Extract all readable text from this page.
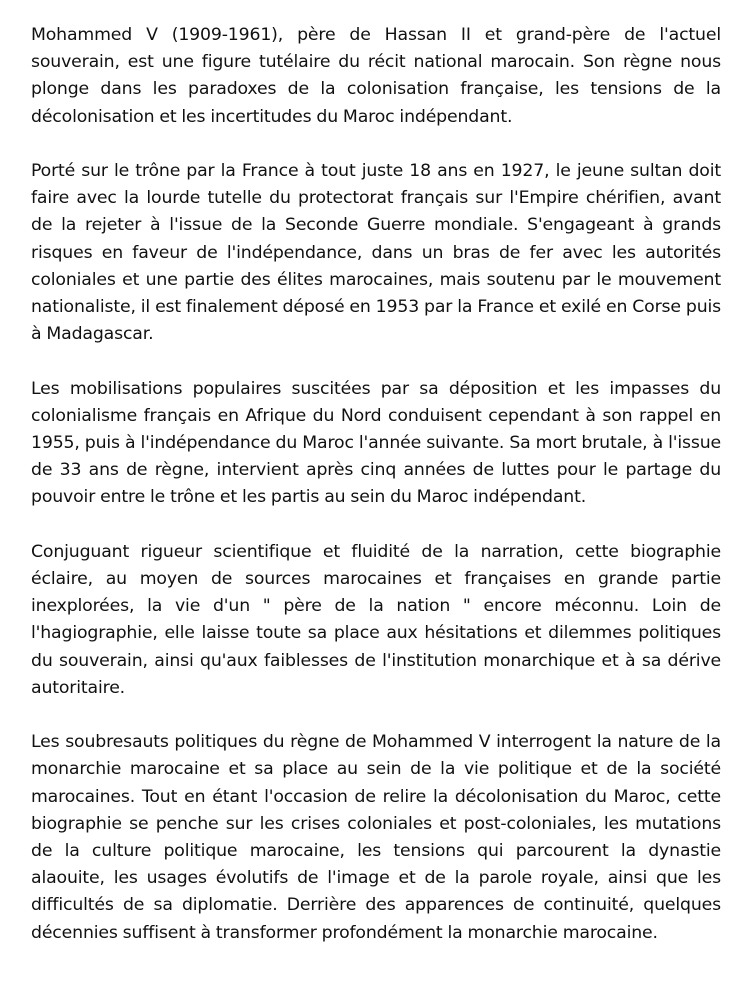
Mohammed V (1909-1961), père de Hassan II et grand-père de l'actuel souverain, est une figure tutélaire du récit national marocain. Son règne nous plonge dans les paradoxes de la colonisation française, les tensions de la décolonisation et les incertitudes du Maroc indépendant.

Porté sur le trône par la France à tout juste 18 ans en 1927, le jeune sultan doit faire avec la lourde tutelle du protectorat français sur l'Empire chérifien, avant de la rejeter à l'issue de la Seconde Guerre mondiale. S'engageant à grands risques en faveur de l'indépendance, dans un bras de fer avec les autorités coloniales et une partie des élites marocaines, mais soutenu par le mouvement nationaliste, il est finalement déposé en 1953 par la France et exilé en Corse puis à Madagascar.

Les mobilisations populaires suscitées par sa déposition et les impasses du colonialisme français en Afrique du Nord conduisent cependant à son rappel en 1955, puis à l'indépendance du Maroc l'année suivante. Sa mort brutale, à l'issue de 33 ans de règne, intervient après cinq années de luttes pour le partage du pouvoir entre le trône et les partis au sein du Maroc indépendant.

Conjuguant rigueur scientifique et fluidité de la narration, cette biographie éclaire, au moyen de sources marocaines et françaises en grande partie inexplorées, la vie d'un " père de la nation " encore méconnu. Loin de l'hagiographie, elle laisse toute sa place aux hésitations et dilemmes politiques du souverain, ainsi qu'aux faiblesses de l'institution monarchique et à sa dérive autoritaire.

Les soubresauts politiques du règne de Mohammed V interrogent la nature de la monarchie marocaine et sa place au sein de la vie politique et de la société marocaines. Tout en étant l'occasion de relire la décolonisation du Maroc, cette biographie se penche sur les crises coloniales et post-coloniales, les mutations de la culture politique marocaine, les tensions qui parcourent la dynastie alaouite, les usages évolutifs de l'image et de la parole royale, ainsi que les difficultés de sa diplomatie. Derrière des apparences de continuité, quelques décennies suffisent à transformer profondément la monarchie marocaine.
